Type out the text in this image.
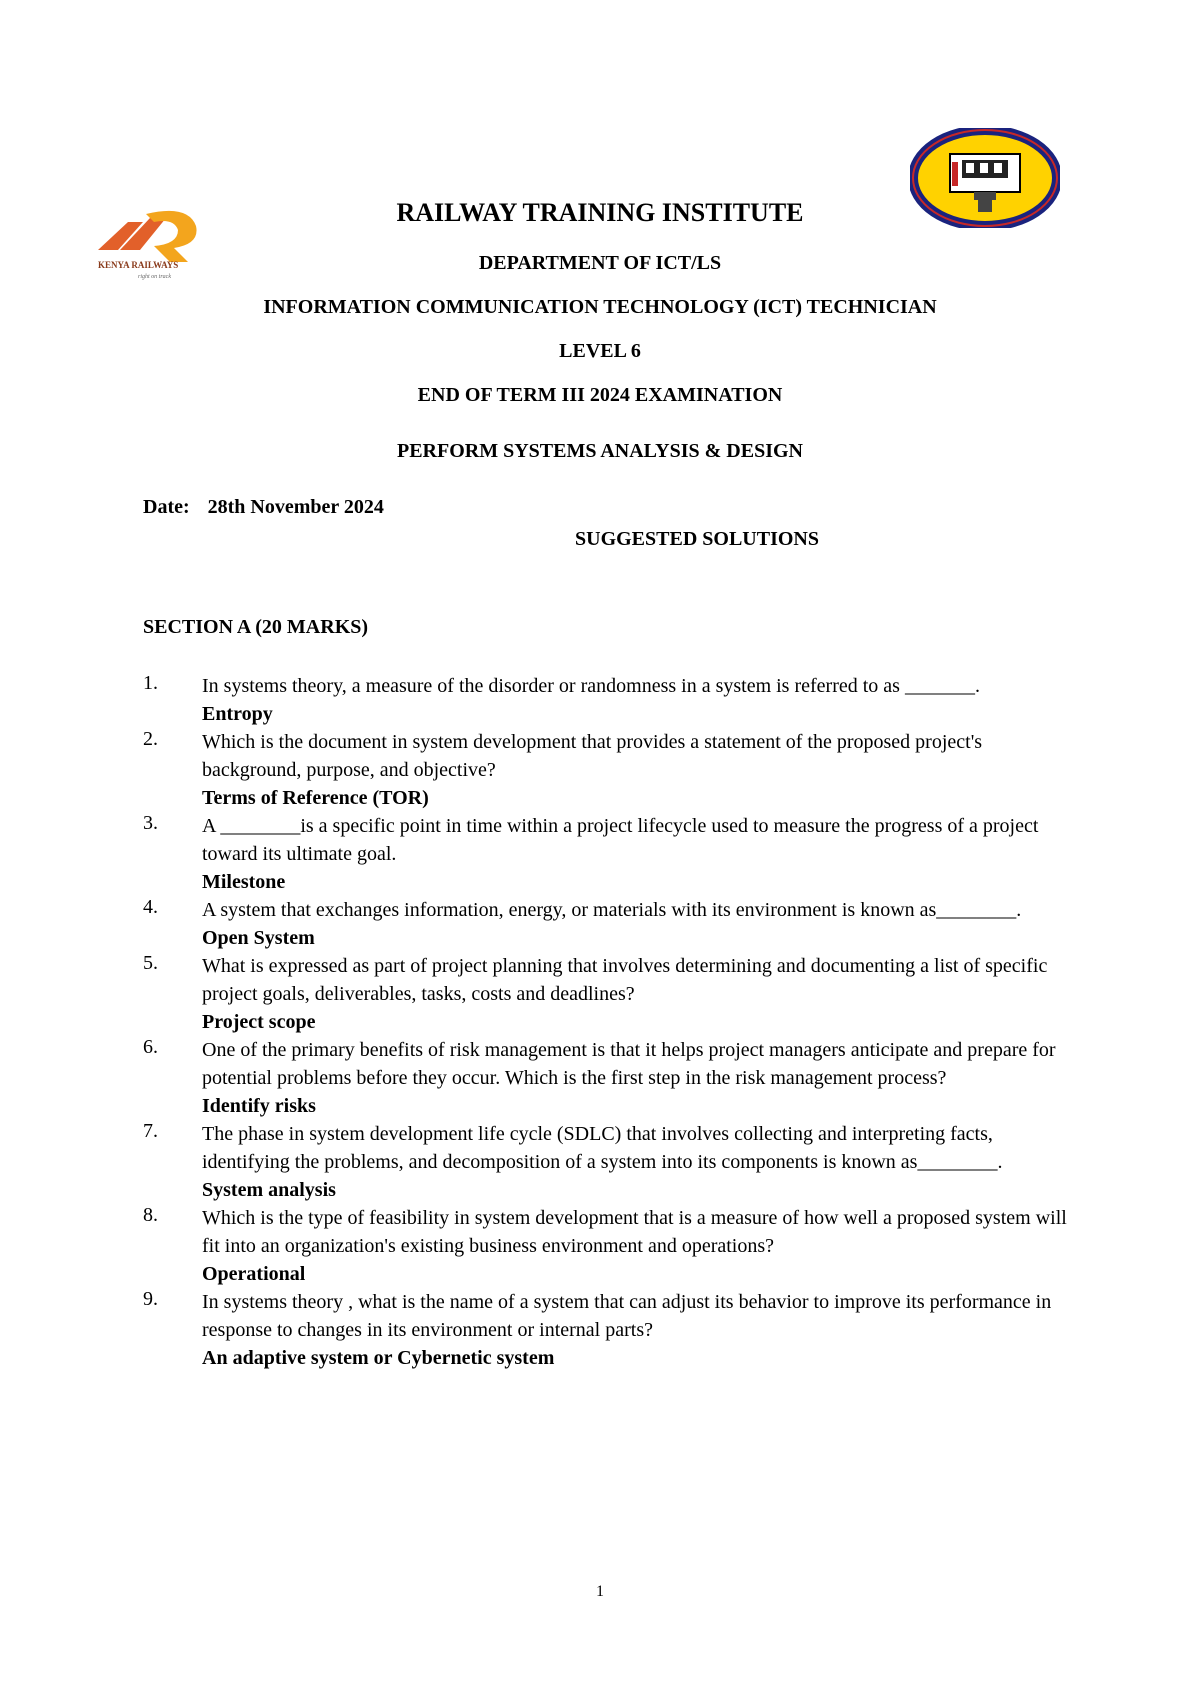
KENYA RAILWAYS
right on track
RAILWAY TRAINING INSTITUTE
DEPARTMENT OF ICT/LS
INFORMATION COMMUNICATION TECHNOLOGY (ICT) TECHNICIAN
LEVEL 6
END OF TERM III 2024 EXAMINATION
PERFORM SYSTEMS ANALYSIS & DESIGN
Date: 28th November 2024
SUGGESTED SOLUTIONS
SECTION A (20 MARKS)
1.	In systems theory, a measure of the disorder or randomness in a system is referred to as _______.
Entropy
2.	Which is the document in system development that provides a statement of the proposed project's background, purpose, and objective?
Terms of Reference (TOR)
3.	A ________is a specific point in time within a project lifecycle used to measure the progress of a project toward its ultimate goal.
Milestone
4.	A system that exchanges information, energy, or materials with its environment is known as________.
Open System
5.	What is expressed as part of project planning that involves determining and documenting a list of specific project goals, deliverables, tasks, costs and deadlines?
Project scope
6.	One of the primary benefits of risk management is that it helps project managers anticipate and prepare for potential problems before they occur. Which is the first step in the risk management process?
Identify risks
7.	The phase in system development life cycle (SDLC) that involves collecting and interpreting facts, identifying the problems, and decomposition of a system into its components is known as________.
System analysis
8.	Which is the type of feasibility in system development that is a measure of how well a proposed system will fit into an organization's existing business environment and operations?
Operational
9.	In systems theory , what is the name of a system that can adjust its behavior to improve its performance in response to changes in its environment or internal parts?
An adaptive system or Cybernetic system
1
